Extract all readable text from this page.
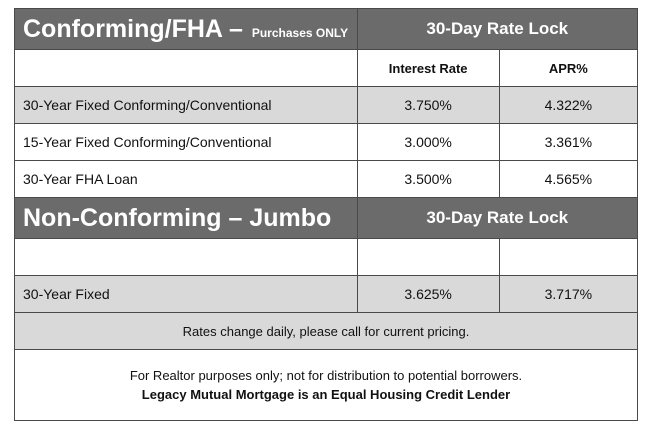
Conforming/FHA – Purchases ONLY	30-Day Rate Lock	
	Interest Rate	APR%
30-Year Fixed Conforming/Conventional	3.750%	4.322%
15-Year Fixed Conforming/Conventional	3.000%	3.361%
30-Year FHA Loan	3.500%	4.565%
Non-Conforming – Jumbo	30-Day Rate Lock	

30-Year Fixed	3.625%	3.717%
Rates change daily, please call for current pricing.		

For Realtor purposes only; not for distribution to potential borrowers.
Legacy Mutual Mortgage is an Equal Housing Credit Lender		
